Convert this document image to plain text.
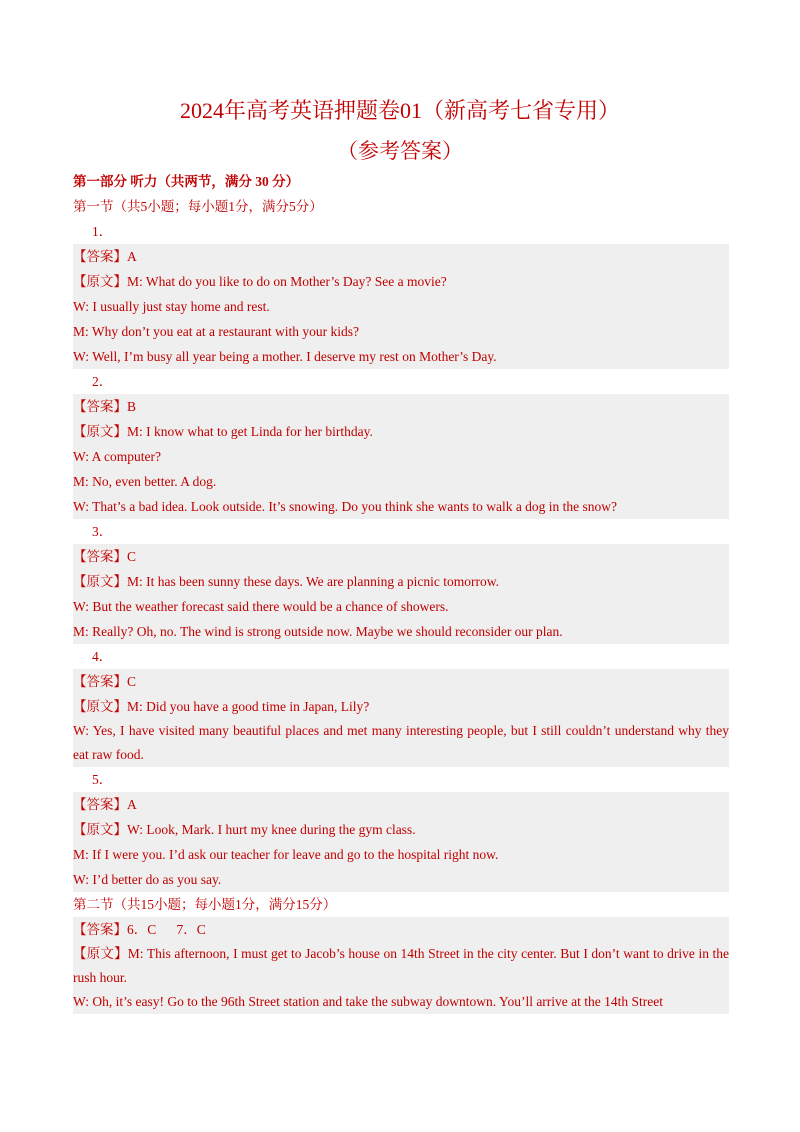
2024年高考英语押题卷01（新高考七省专用）
（参考答案）
第一部分 听力（共两节，满分 30 分）
第一节（共5小题；每小题1分，满分5分）
1．
【答案】A
【原文】M: What do you like to do on Mother’s Day? See a movie?
W: I usually just stay home and rest.
M: Why don’t you eat at a restaurant with your kids?
W: Well, I’m busy all year being a mother. I deserve my rest on Mother’s Day.
2．
【答案】B
【原文】M: I know what to get Linda for her birthday.
W: A computer?
M: No, even better. A dog.
W: That’s a bad idea. Look outside. It’s snowing. Do you think she wants to walk a dog in the snow?
3．
【答案】C
【原文】M: It has been sunny these days. We are planning a picnic tomorrow.
W: But the weather forecast said there would be a chance of showers.
M: Really? Oh, no. The wind is strong outside now. Maybe we should reconsider our plan.
4．
【答案】C
【原文】M: Did you have a good time in Japan, Lily?
W: Yes, I have visited many beautiful places and met many interesting people, but I still couldn’t understand why they eat raw food.
5．
【答案】A
【原文】W: Look, Mark. I hurt my knee during the gym class.
M: If I were you. I’d ask our teacher for leave and go to the hospital right now.
W: I’d better do as you say.
第二节（共15小题；每小题1分，满分15分）
【答案】6．C      7．C
【原文】M: This afternoon, I must get to Jacob’s house on 14th Street in the city center. But I don’t want to drive in the rush hour.
W: Oh, it’s easy! Go to the 96th Street station and take the subway downtown. You’ll arrive at the 14th Street
